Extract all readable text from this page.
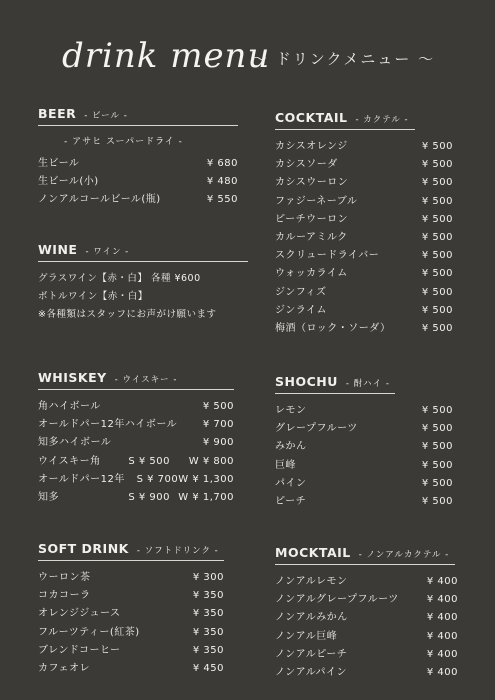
drink menu
〜 ドリンクメニュー 〜
BEER - ビール -
- アサヒ スーパードライ -
生ビール	¥ 680
生ビール(小)	¥ 480
ノンアルコールビール(瓶)	¥ 550
WINE - ワイン -
グラスワイン【赤・白】 各種 ¥600
ボトルワイン【赤・白】
※各種類はスタッフにお声がけ願います
WHISKEY - ウイスキー -
角ハイボール	¥ 500
オールドパー12年ハイボール	¥ 700
知多ハイボール	¥ 900
ウイスキー角	S ¥ 500	W ¥ 800
オールドパー12年	S ¥ 700 W ¥ 1,300
知多	S ¥ 900 W ¥ 1,700
SOFT DRINK - ソフトドリンク -
ウーロン茶	¥ 300
コカコーラ	¥ 350
オレンジジュース	¥ 350
フルーツティー(紅茶)	¥ 350
ブレンドコーヒー	¥ 350
カフェオレ	¥ 450
COCKTAIL - カクテル -
カシスオレンジ	¥ 500
カシスソーダ	¥ 500
カシスウーロン	¥ 500
ファジーネーブル	¥ 500
ピーチウーロン	¥ 500
カルーアミルク	¥ 500
スクリュードライバー	¥ 500
ウォッカライム	¥ 500
ジンフィズ	¥ 500
ジンライム	¥ 500
梅酒（ロック・ソーダ）	¥ 500
SHOCHU - 酎ハイ -
レモン	¥ 500
グレープフルーツ	¥ 500
みかん	¥ 500
巨峰	¥ 500
パイン	¥ 500
ピーチ	¥ 500
MOCKTAIL - ノンアルカクテル -
ノンアルレモン	¥ 400
ノンアルグレープフルーツ	¥ 400
ノンアルみかん	¥ 400
ノンアル巨峰	¥ 400
ノンアルピーチ	¥ 400
ノンアルパイン	¥ 400
